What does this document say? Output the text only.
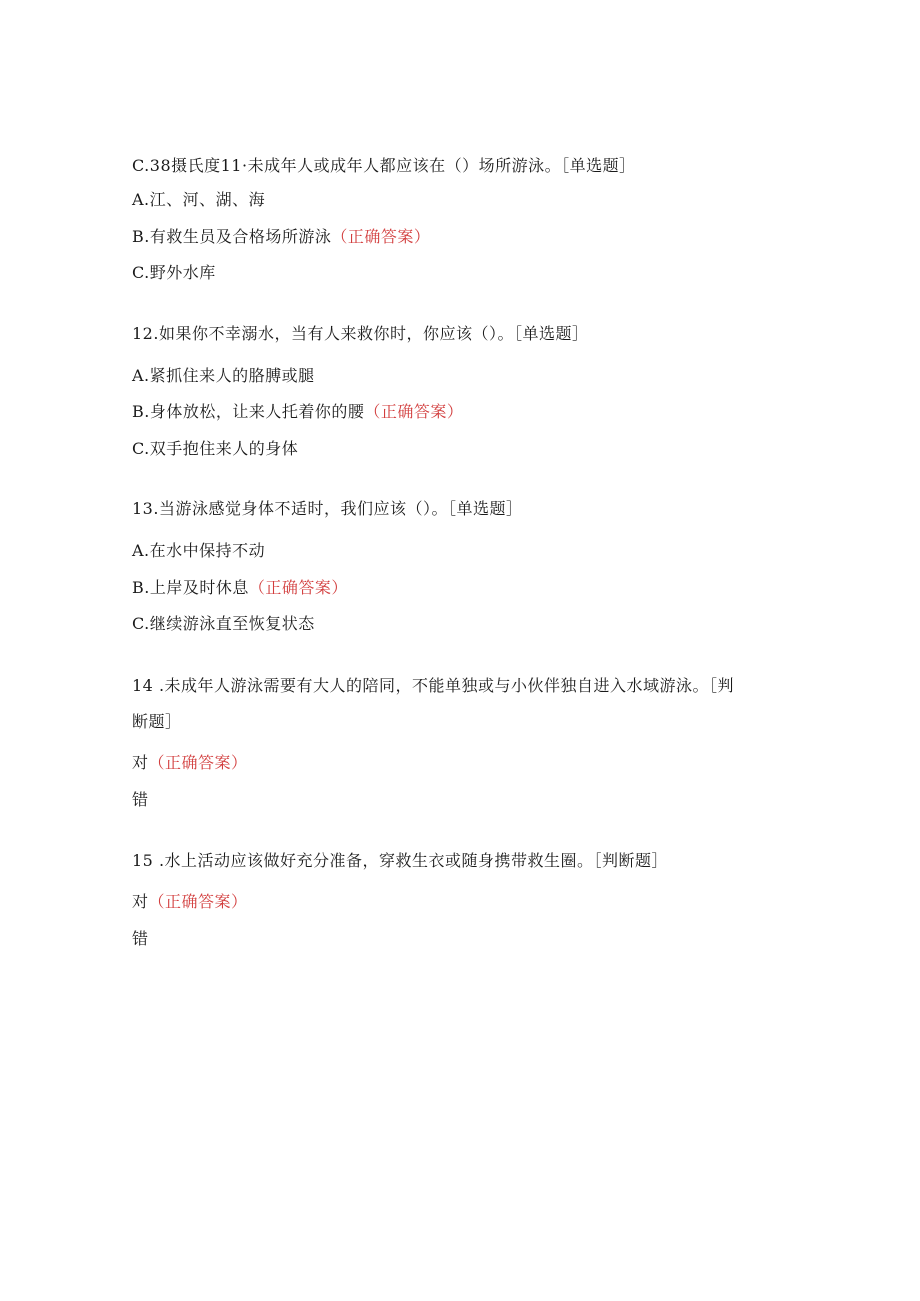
C.38摄氏度11·未成年人或成年人都应该在（）场所游泳。［单选题］
A.江、河、湖、海
B.有救生员及合格场所游泳（正确答案）
C.野外水库
12.如果你不幸溺水，当有人来救你时，你应该（）。［单选题］
A.紧抓住来人的胳膊或腿
B.身体放松，让来人托着你的腰（正确答案）
C.双手抱住来人的身体
13.当游泳感觉身体不适时，我们应该（）。［单选题］
A.在水中保持不动
B.上岸及时休息（正确答案）
C.继续游泳直至恢复状态
14 .未成年人游泳需要有大人的陪同，不能单独或与小伙伴独自进入水域游泳。［判
断题］
对（正确答案）
错
15 .水上活动应该做好充分准备，穿救生衣或随身携带救生圈。［判断题］
对（正确答案）
错
